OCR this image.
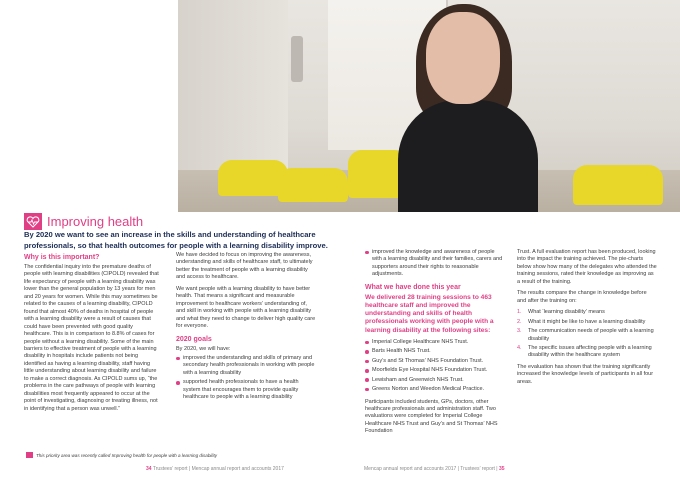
Improving health
By 2020 we want to see an increase in the skills and understanding of healthcare professionals, so that health outcomes for people with a learning disability improve.
Why is this important?

The confidential inquiry into the premature deaths of people with learning disabilities (CIPOLD) revealed that life expectancy of people with a learning disability was lower than the general population by 13 years for men and 20 years for women. While this may sometimes be related to the causes of a learning disability, CIPOLD found that almost 40% of deaths in hospital of people with a learning disability were a result of causes that could have been prevented with good quality healthcare. This is in comparison to 8.8% of cases for people without a learning disability. Some of the main barriers to effective treatment of people with a learning disability in hospitals include patients not being identified as having a learning disability, staff having little understanding about learning disability and failure to make a correct diagnosis. As CIPOLD sums up, “the problems in the care pathways of people with learning disabilities most frequently appeared to occur at the point of investigating, diagnosing or treating illness, not in identifying that a person was unwell.”

We have decided to focus on improving the awareness, understanding and skills of healthcare staff, to ultimately better the treatment of people with a learning disability and access to healthcare.

We want people with a learning disability to have better health. That means a significant and measurable improvement to healthcare workers’ understanding of, and skill in working with people with a learning disability and what they need to change to deliver high quality care for everyone.

2020 goals

By 2020, we will have:

improved the understanding and skills of primary and secondary health professionals in working with people with a learning disability
supported health professionals to have a health system that encourages them to provide quality healthcare to people with a learning disability
improved the knowledge and awareness of people with a learning disability and their families, carers and supporters around their rights to reasonable adjustments.
What we have done this year

We delivered 28 training sessions to 463 healthcare staff and improved the understanding and skills of health professionals working with people with a learning disability at the following sites:

Imperial College Healthcare NHS Trust.
Barts Health NHS Trust.
Guy’s and St Thomas’ NHS Foundation Trust.
Moorfields Eye Hospital NHS Foundation Trust.
Lewisham and Greenwich NHS Trust.
Greens Norton and Weedon Medical Practice.

Participants included students, GPs, doctors, other healthcare professionals and administration staff. Two evaluations were completed for Imperial College Healthcare NHS Trust and Guy’s and St Thomas’ NHS Foundation

Trust. A full evaluation report has been produced, looking into the impact the training achieved. The pie-charts below show how many of the delegates who attended the training sessions, rated their knowledge as improving as a result of the training.

The results compare the change in knowledge before and after the training on:

1. What ‘learning disability’ means
2. What it might be like to have a learning disability
3. The communication needs of people with a learning disability
4. The specific issues affecting people with a learning disability within the healthcare system

The evaluation has shown that the training significantly increased the knowledge levels of participants in all four areas.

This priority area was recently called Improving health for people with a learning disability
34 Trustees’ report | Mencap annual report and accounts 2017	Mencap annual report and accounts 2017 | Trustees’ report | 35
